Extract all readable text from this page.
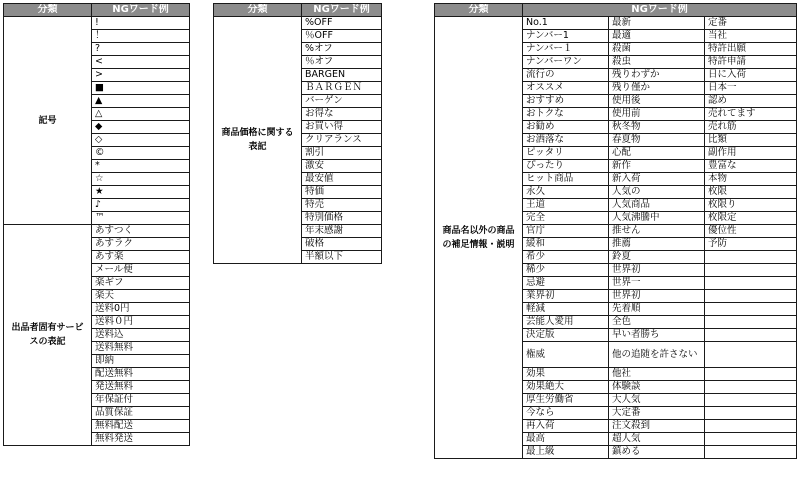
分類	NGワード例
記号	!
	！
	?
	<
	>
	■
	▲
	△
	◆
	◇
	©
	*
	☆
	★
	♪
	™
出品者固有サービスの表記	あすつく
	あすラク
	あす楽
	メール便
	楽ギフ
	楽天
	送料0円
	送料０円
	送料込
	送料無料
	即納
	配送無料
	発送無料
	年保証付
	品質保証
	無料配送
	無料発送
分類	NGワード例
商品価格に関する表記	%OFF
	％OFF
	%オフ
	％オフ
	BARGEN
	ＢＡＲＧＥＮ
	バーゲン
	お得な
	お買い得
	クリアランス
	割引
	激安
	最安値
	特価
	特売
	特別価格
	年末感謝
	破格
	半額以下
分類	NGワード例		
商品名以外の商品の補足情報・説明	No.1	最新	定番
	ナンバー1	最適	当社
	ナンバー１	殺菌	特許出願
	ナンバーワン	殺虫	特許申請
	流行の	残りわずか	日に入荷
	オススメ	残り僅か	日本一
	おすすめ	使用後	認め
	おトクな	使用前	売れてます
	お勧め	秋冬物	売れ筋
	お洒落な	春夏物	比類
	ピッタリ	心配	副作用
	ぴったり	新作	豊富な
	ヒット商品	新入荷	本物
	永久	人気の	枚限
	王道	人気商品	枚限り
	完全	人気沸騰中	枚限定
	官庁	推せん	優位性
	緩和	推薦	予防
	希少	鈴夏	
	稀少	世界初	
	忌避	世界一	
	業界初	世界初	
	軽減	先着順	
	芸能人愛用	全色	
	決定版	早い者勝ち	
	権威	他の追随を許さない	
	効果	他社	
	効果絶大	体験談	
	厚生労働省	大人気	
	今なら	大定番	
	再入荷	注文殺到	
	最高	超人気	
	最上級	鎮める	
